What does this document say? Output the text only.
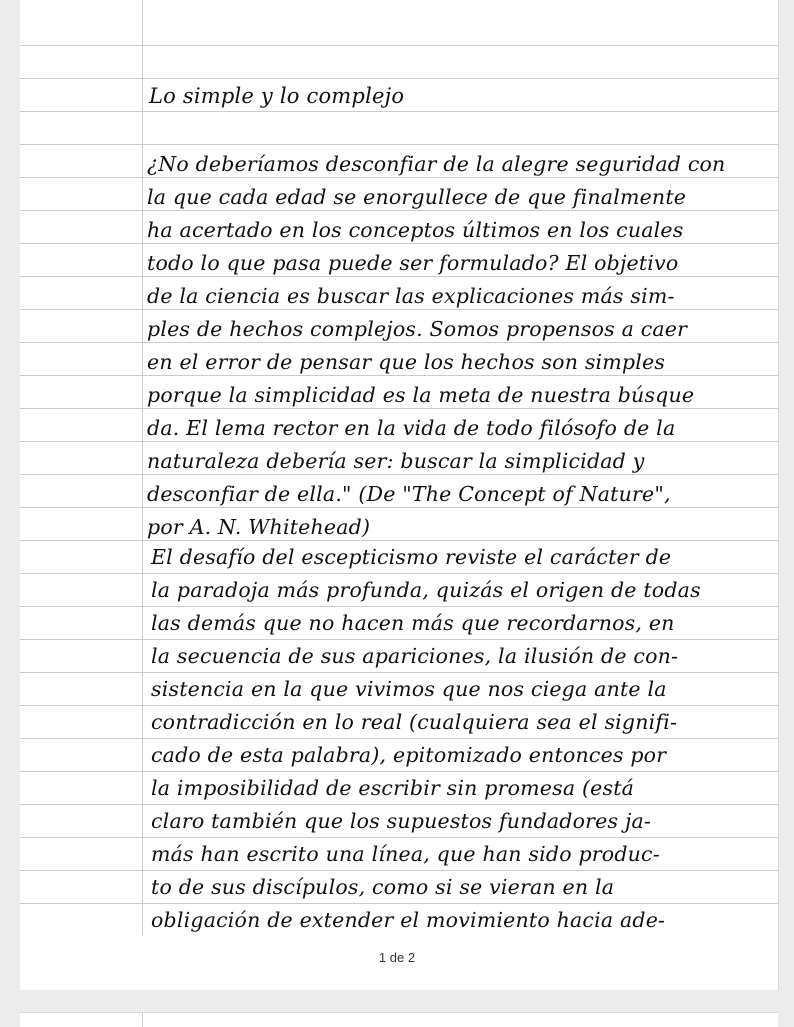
Lo simple y lo complejo
¿No deberíamos desconfiar de la alegre seguridad con
la que cada edad se enorgullece de que finalmente
ha acertado en los conceptos últimos en los cuales
todo lo que pasa puede ser formulado? El objetivo
de la ciencia es buscar las explicaciones más sim-
ples de hechos complejos. Somos propensos a caer
en el error de pensar que los hechos son simples
porque la simplicidad es la meta de nuestra búsque
da. El lema rector en la vida de todo filósofo de la
naturaleza debería ser: buscar la simplicidad y
desconfiar de ella." (De "The Concept of Nature",
por A. N. Whitehead)
El desafío del escepticismo reviste el carácter de
la paradoja más profunda, quizás el origen de todas
las demás que no hacen más que recordarnos, en
la secuencia de sus apariciones, la ilusión de con-
sistencia en la que vivimos que nos ciega ante la
contradicción en lo real (cualquiera sea el signifi-
cado de esta palabra), epitomizado entonces por
la imposibilidad de escribir sin promesa (está
claro también que los supuestos fundadores ja-
más han escrito una línea, que han sido produc-
to de sus discípulos, como si se vieran en la
obligación de extender el movimiento hacia ade-
1 de 2
